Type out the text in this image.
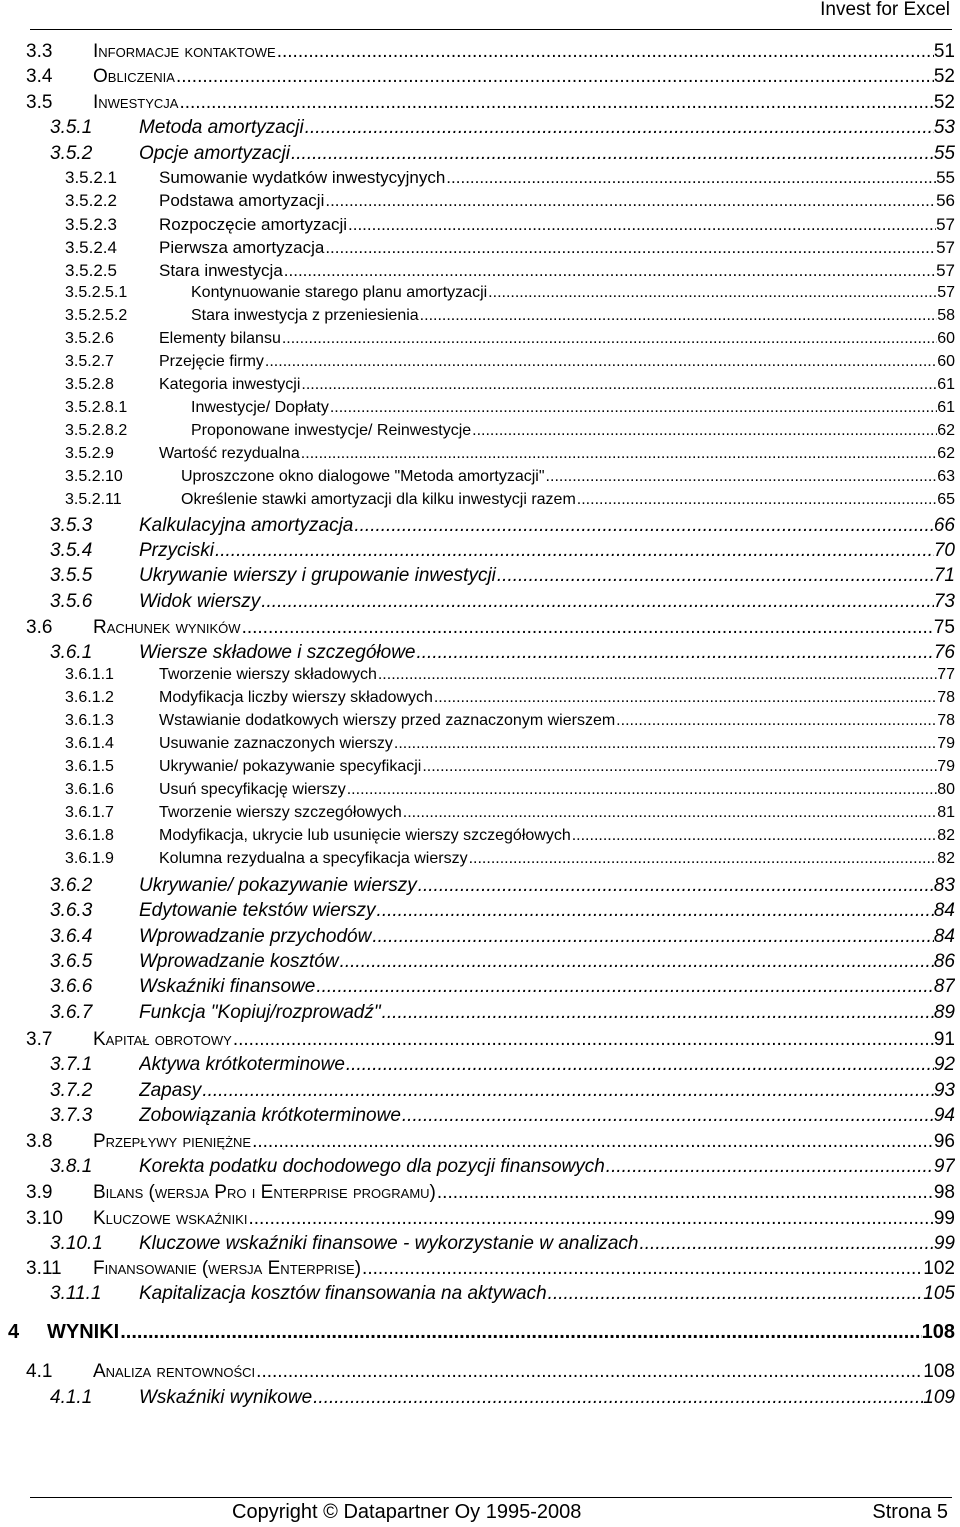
Invest for Excel
3.3 Informacje kontaktowe .....	51
3.4 Obliczenia .....	52
3.5 Inwestycja .....	52
3.5.1 Metoda amortyzacji .....	53
3.5.2 Opcje amortyzacji .....	55
3.5.2.1 Sumowanie wydatków inwestycyjnych .....	55
3.5.2.2 Podstawa amortyzacji .....	56
3.5.2.3 Rozpoczęcie amortyzacji .....	57
3.5.2.4 Pierwsza amortyzacja .....	57
3.5.2.5 Stara inwestycja .....	57
3.5.2.5.1	Kontynuowanie starego planu amortyzacji .....	57
3.5.2.5.2	Stara inwestycja z przeniesienia .....	58
3.5.2.6	Elementy bilansu .....	60
3.5.2.7	Przejęcie firmy .....	60
3.5.2.8	Kategoria inwestycji .....	61
3.5.2.8.1	Inwestycje/ Dopłaty .....	61
3.5.2.8.2	Proponowane inwestycje/ Reinwestycje .....	62
3.5.2.9	Wartość rezydualna .....	62
3.5.2.10	Uproszczone okno dialogowe "Metoda amortyzacji" .....	63
3.5.2.11	Określenie stawki amortyzacji dla kilku inwestycji razem .....	65
3.5.3 Kalkulacyjna amortyzacja .....	66
3.5.4 Przyciski .....	70
3.5.5 Ukrywanie wierszy i grupowanie inwestycji .....	71
3.5.6 Widok wierszy .....	73
3.6 Rachunek wyników .....	75
3.6.1 Wiersze składowe i szczegółowe .....	76
3.6.1.1	Tworzenie wierszy składowych .....	77
3.6.1.2	Modyfikacja liczby wierszy składowych .....	78
3.6.1.3	Wstawianie dodatkowych wierszy przed zaznaczonym wierszem .....	78
3.6.1.4	Usuwanie zaznaczonych wierszy .....	79
3.6.1.5	Ukrywanie/ pokazywanie specyfikacji .....	79
3.6.1.6	Usuń specyfikację wierszy .....	80
3.6.1.7	Tworzenie wierszy szczegółowych .....	81
3.6.1.8	Modyfikacja, ukrycie lub usunięcie wierszy szczegółowych .....	82
3.6.1.9	Kolumna rezydualna a specyfikacja wierszy .....	82
3.6.2 Ukrywanie/ pokazywanie wierszy .....	83
3.6.3 Edytowanie tekstów wierszy .....	84
3.6.4 Wprowadzanie przychodów .....	84
3.6.5 Wprowadzanie kosztów .....	86
3.6.6 Wskaźniki finansowe .....	87
3.6.7 Funkcja "Kopiuj/rozprowadź" .....	89
3.7 Kapitał obrotowy .....	91
3.7.1 Aktywa krótkoterminowe .....	92
3.7.2 Zapasy .....	93
3.7.3 Zobowiązania krótkoterminowe .....	94
3.8 Przepływy pieniężne .....	96
3.8.1 Korekta podatku dochodowego dla pozycji finansowych .....	97
3.9 Bilans (wersja Pro i Enterprise programu) .....	98
3.10 Kluczowe wskaźniki .....	99
3.10.1 Kluczowe wskaźniki finansowe - wykorzystanie w analizach .....	99
3.11 Finansowanie (wersja Enterprise) .....	102
3.11.1 Kapitalizacja kosztów finansowania na aktywach .....	105
4 WYNIKI .....	108
4.1 Analiza rentowności .....	108
4.1.1 Wskaźniki wynikowe .....	109
Copyright © Datapartner Oy 1995-2008	Strona 5
